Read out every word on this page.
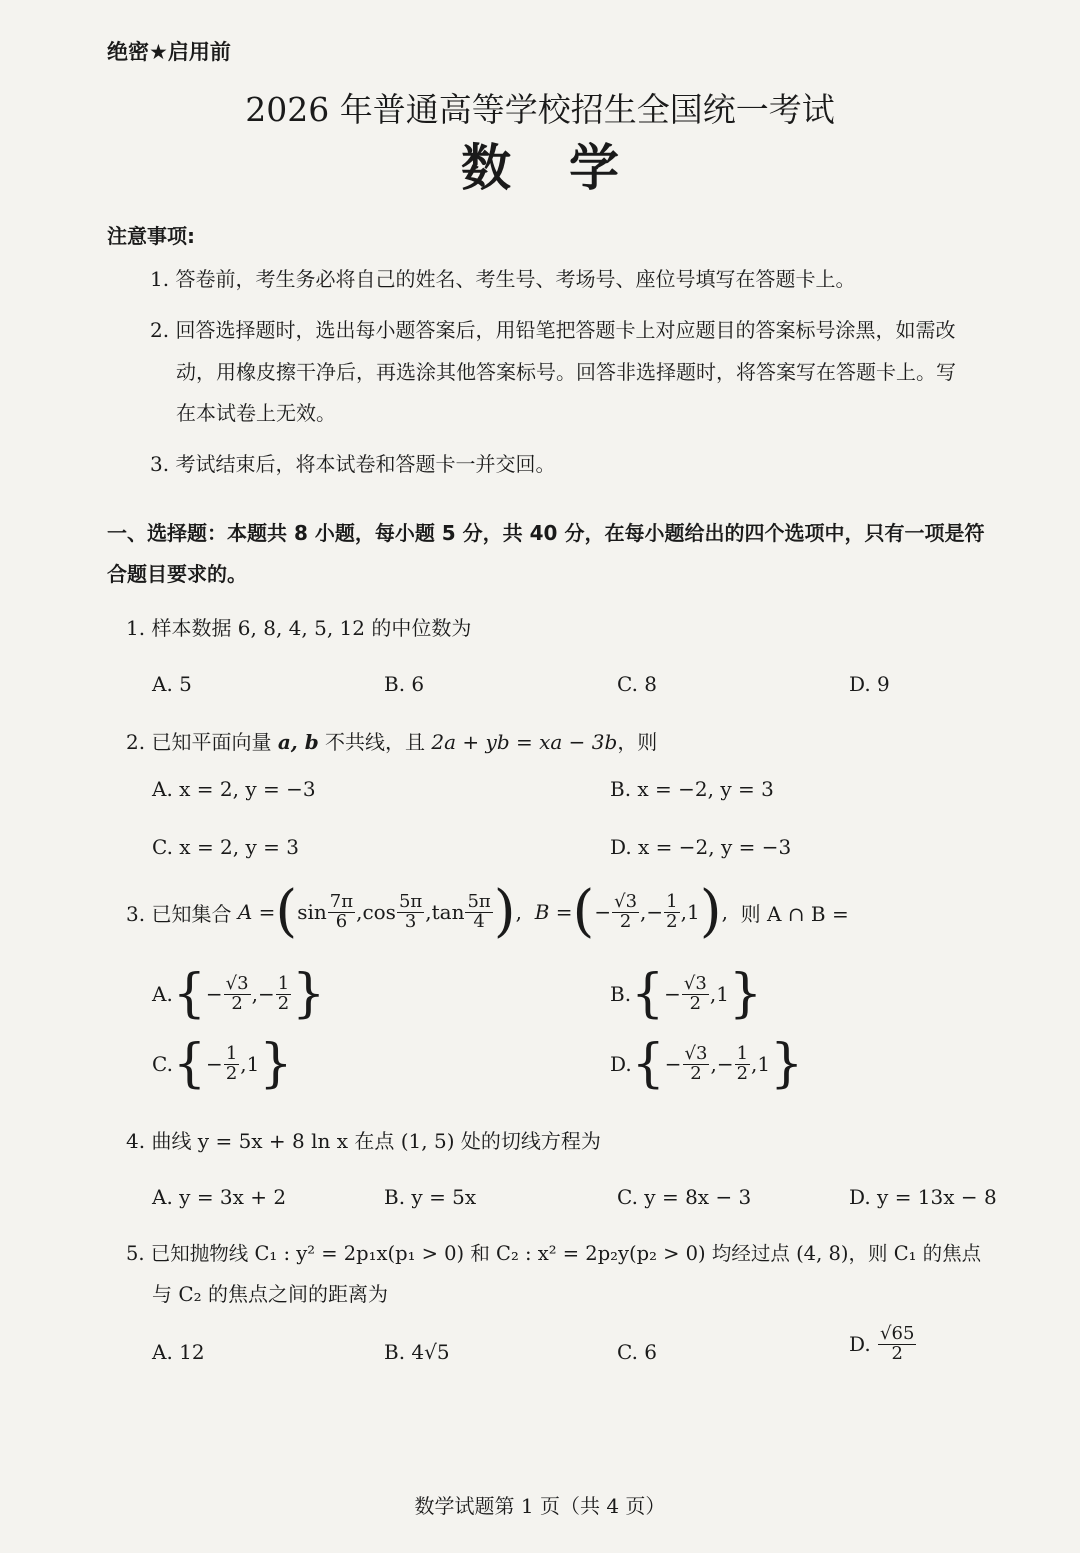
绝密★启用前
2026 年普通高等学校招生全国统一考试
数学
注意事项:
1. 答卷前，考生务必将自己的姓名、考生号、考场号、座位号填写在答题卡上。
2. 回答选择题时，选出每小题答案后，用铅笔把答题卡上对应题目的答案标号涂黑，如需改
动，用橡皮擦干净后，再选涂其他答案标号。回答非选择题时，将答案写在答题卡上。写
在本试卷上无效。
3. 考试结束后，将本试卷和答题卡一并交回。
一、选择题：本题共 8 小题，每小题 5 分，共 40 分，在每小题给出的四个选项中，只有一项是符
合题目要求的。
1. 样本数据 6, 8, 4, 5, 12 的中位数为
A. 5	B. 6	C. 8	D. 9
2. 已知平面向量 a, b 不共线，且 2a + yb = xa − 3b，则
A. x = 2, y = −3	B. x = −2, y = 3
C. x = 2, y = 3	D. x = −2, y = −3
3. 已知集合
A = ( $\sin \frac{7\pi}{6}$ , $\cos \frac{5\pi}{3}$ , $\tan \frac{5\pi}{4}$ ) , B = ( − $\frac{√3}{2}$ ,− $\frac{1}{2}$ , 1 ) , 则 A ∩ B =
A. { − $\frac{√3}{2}$ ,− $\frac{1}{2}$ }	B. { − $\frac{√3}{2}$ , 1 }
C. { − $\frac{1}{2}$ , 1 }	D. { − $\frac{√3}{2}$ ,− $\frac{1}{2}$ , 1 }
4. 曲线 y = 5x + 8 ln x 在点 (1, 5) 处的切线方程为
A. y = 3x + 2	B. y = 5x	C. y = 8x − 3	D. y = 13x − 8
5. 已知抛物线 C₁ : y² = 2p₁x(p₁ > 0) 和 C₂ : x² = 2p₂y(p₂ > 0) 均经过点 (4, 8)，则 C₁ 的焦点
与 C₂ 的焦点之间的距离为
A. 12	B. 4√5	C. 6	D.
$\frac{√65}{2}$
数学试题第 1 页（共 4 页）
